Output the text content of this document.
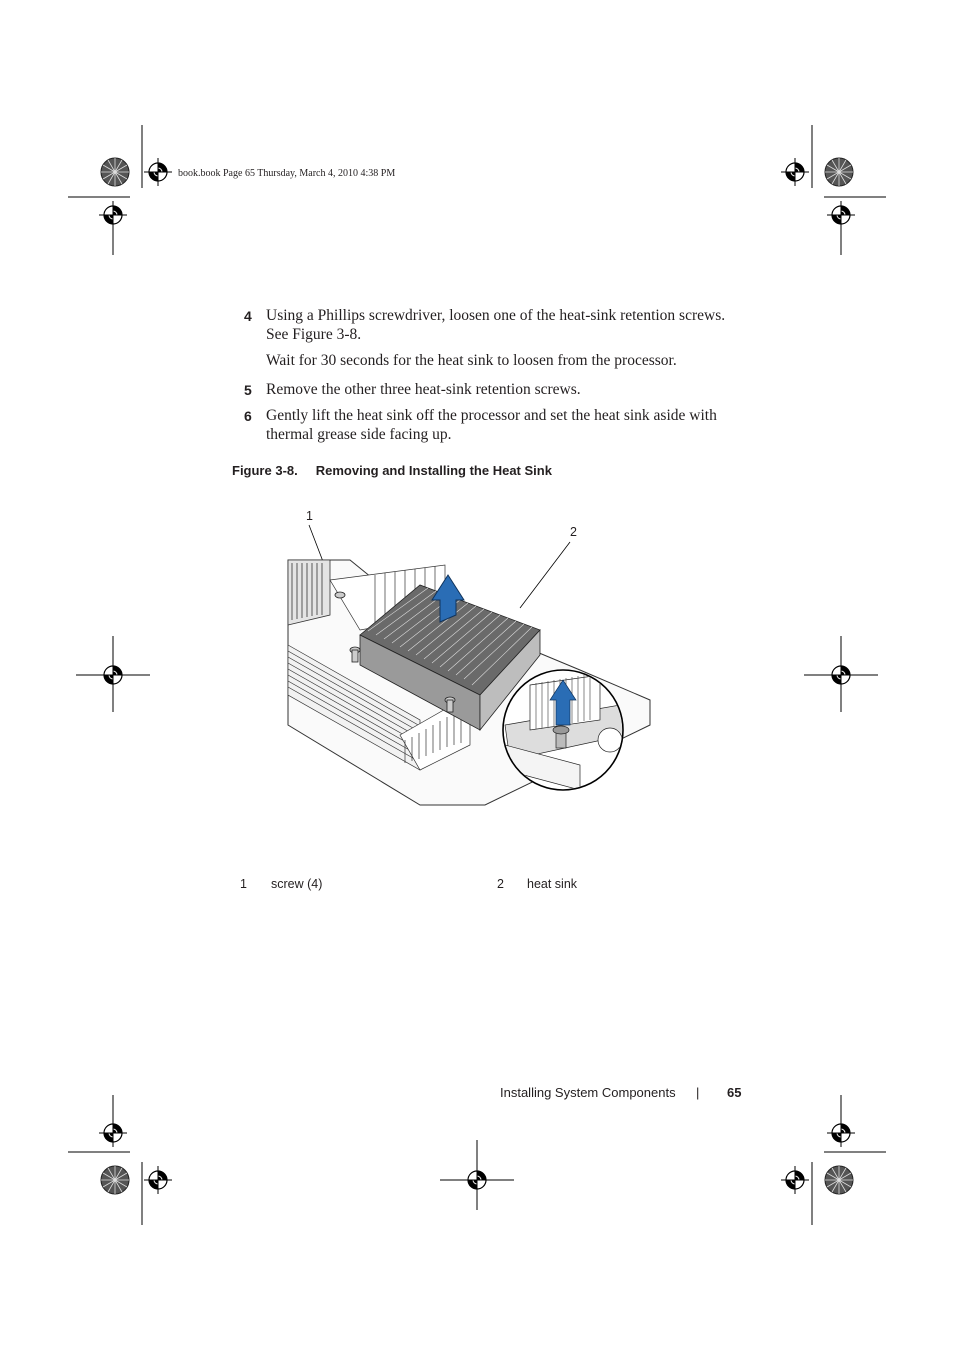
book.book Page 65 Thursday, March 4, 2010 4:38 PM
4 Using a Phillips screwdriver, loosen one of the heat-sink retention screws.
See Figure 3-8.
Wait for 30 seconds for the heat sink to loosen from the processor.
5 Remove the other three heat-sink retention screws.
6 Gently lift the heat sink off the processor and set the heat sink aside with
thermal grease side facing up.
Figure 3-8. Removing and Installing the Heat Sink
1
2
1 screw (4)	2 heat sink
Installing System Components | 65
